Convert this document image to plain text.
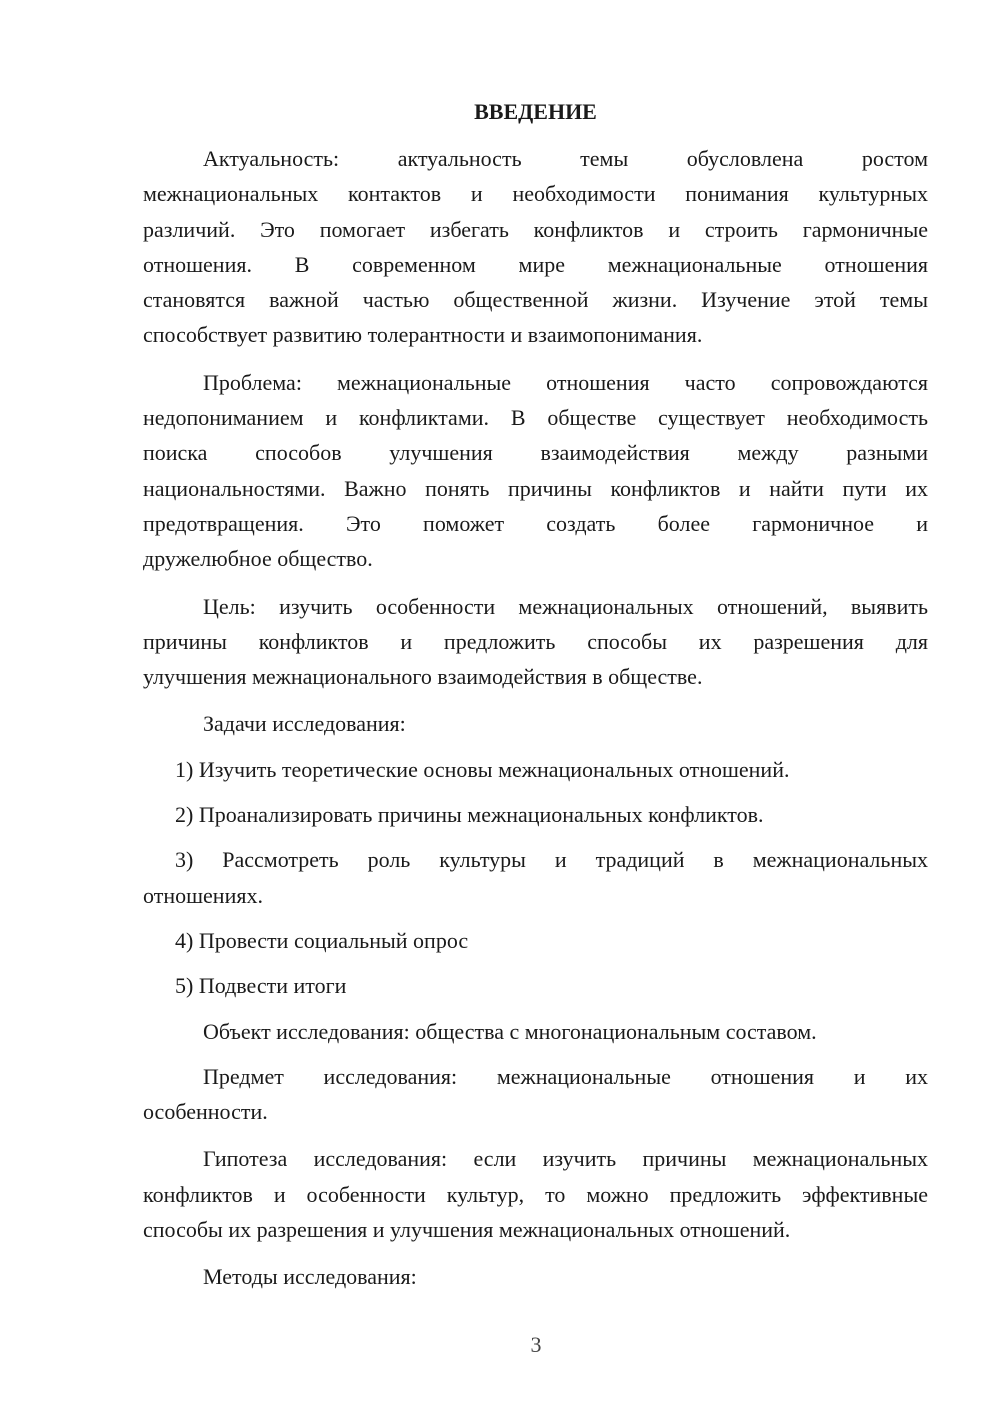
ВВЕДЕНИЕ
Актуальность: актуальность темы обусловлена ростом
межнациональных контактов и необходимости понимания культурных
различий. Это помогает избегать конфликтов и строить гармоничные
отношения. В современном мире межнациональные отношения
становятся важной частью общественной жизни. Изучение этой темы
способствует развитию толерантности и взаимопонимания.
Проблема: межнациональные отношения часто сопровождаются
недопониманием и конфликтами. В обществе существует необходимость
поиска способов улучшения взаимодействия между разными
национальностями. Важно понять причины конфликтов и найти пути их
предотвращения. Это поможет создать более гармоничное и
дружелюбное общество.
Цель: изучить особенности межнациональных отношений, выявить
причины конфликтов и предложить способы их разрешения для
улучшения межнационального взаимодействия в обществе.
Задачи исследования:
1) Изучить теоретические основы межнациональных отношений.
2) Проанализировать причины межнациональных конфликтов.
3) Рассмотреть роль культуры и традиций в межнациональных
отношениях.
4) Провести социальный опрос
5) Подвести итоги
Объект исследования: общества с многонациональным составом.
Предмет исследования: межнациональные отношения и их
особенности.
Гипотеза исследования: если изучить причины межнациональных
конфликтов и особенности культур, то можно предложить эффективные
способы их разрешения и улучшения межнациональных отношений.
Методы исследования:
3
